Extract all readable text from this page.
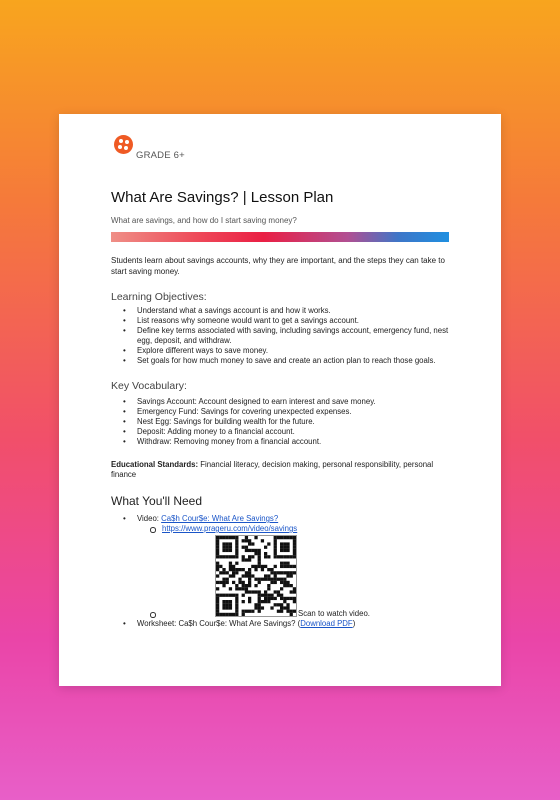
GRADE 6+
What Are Savings? | Lesson Plan
What are savings, and how do I start saving money?
Students learn about savings accounts, why they are important, and the steps they can take to start saving money.
Learning Objectives:
• Understand what a savings account is and how it works.
• List reasons why someone would want to get a savings account.
• Define key terms associated with saving, including savings account, emergency fund, nest egg, deposit, and withdraw.
• Explore different ways to save money.
• Set goals for how much money to save and create an action plan to reach those goals.
Key Vocabulary:
• Savings Account: Account designed to earn interest and save money.
• Emergency Fund: Savings for covering unexpected expenses.
• Nest Egg: Savings for building wealth for the future.
• Deposit: Adding money to a financial account.
• Withdraw: Removing money from a financial account.
Educational Standards: Financial literacy, decision making, personal responsibility, personal finance
What You'll Need
• Video: Ca$h Cour$e: What Are Savings?
https://www.prageru.com/video/savings
Scan to watch video.
• Worksheet: Ca$h Cour$e: What Are Savings? (Download PDF)
